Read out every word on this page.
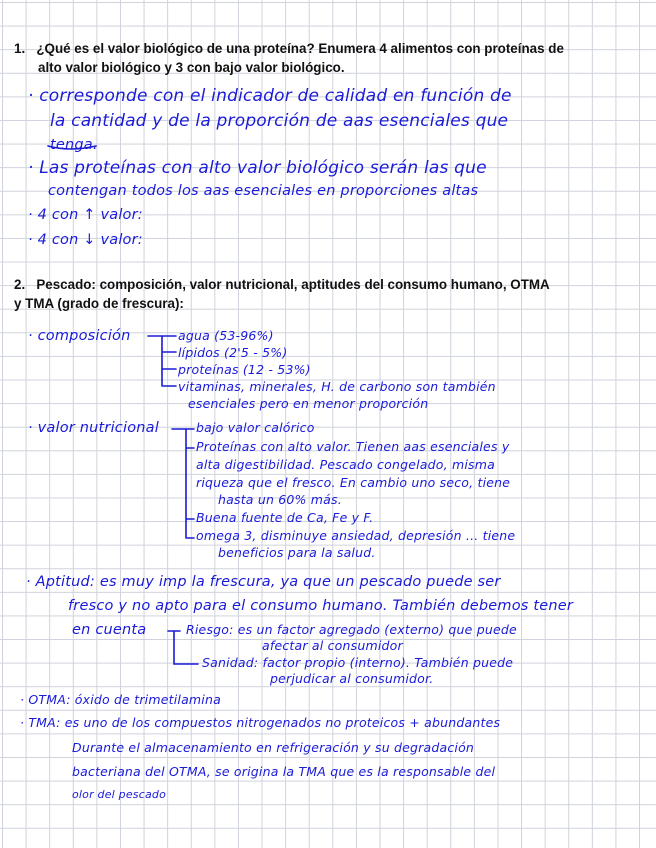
1. ¿Qué es el valor biológico de una proteína? Enumera 4 alimentos con proteínas de

alto valor biológico y 3 con bajo valor biológico.

· corresponde con el indicador de calidad en función de

la cantidad y de la proporción de aas esenciales que

tenga.

· Las proteínas con alto valor biológico serán las que

contengan todos los aas esenciales en proporciones altas

· 4 con ↑ valor:

· 4 con ↓ valor:

2. Pescado: composición, valor nutricional, aptitudes del consumo humano, OTMA

y TMA (grado de frescura):

· composición	agua (53-96%)

lípidos (2'5 - 5%)

proteínas (12 - 53%)

vitaminas, minerales, H. de carbono son también

esenciales pero en menor proporción

· valor nutricional	bajo valor calórico

Proteínas con alto valor. Tienen aas esenciales y

alta digestibilidad. Pescado congelado, misma

riqueza que el fresco. En cambio uno seco, tiene

hasta un 60% más.

Buena fuente de Ca, Fe y F.

omega 3, disminuye ansiedad, depresión ... tiene

beneficios para la salud.

· Aptitud: es muy imp la frescura, ya que un pescado puede ser

fresco y no apto para el consumo humano. También debemos tener

en cuenta	Riesgo: es un factor agregado (externo) que puede

afectar al consumidor

Sanidad: factor propio (interno). También puede

perjudicar al consumidor.

· OTMA: óxido de trimetilamina

· TMA: es uno de los compuestos nitrogenados no proteicos + abundantes

Durante el almacenamiento en refrigeración y su degradación

bacteriana del OTMA, se origina la TMA que es la responsable del

olor del pescado
